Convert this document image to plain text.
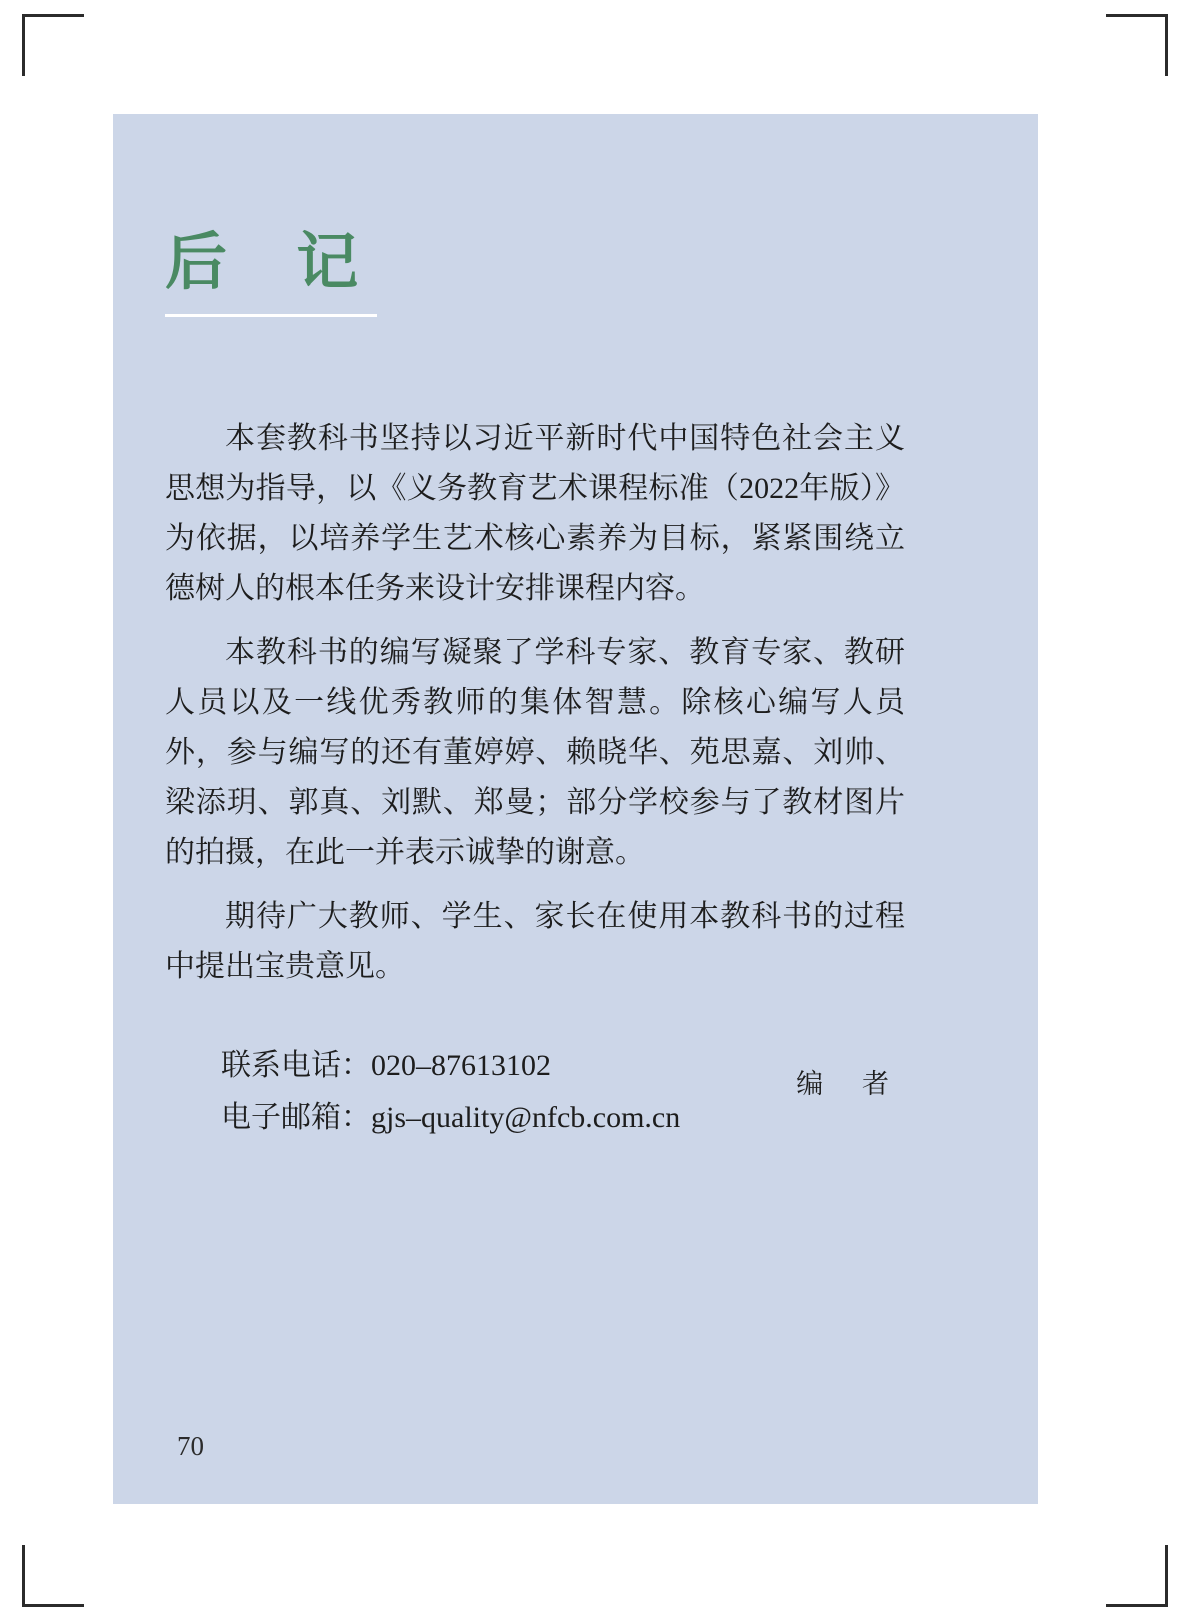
后 记

本套教科书坚持以习近平新时代中国特色社会主义思想为指导，以《义务教育艺术课程标准（2022年版）》为依据，以培养学生艺术核心素养为目标，紧紧围绕立德树人的根本任务来设计安排课程内容。

本教科书的编写凝聚了学科专家、教育专家、教研人员以及一线优秀教师的集体智慧。除核心编写人员外，参与编写的还有董婷婷、赖晓华、苑思嘉、刘帅、梁添玥、郭真、刘默、郑曼；部分学校参与了教材图片的拍摄，在此一并表示诚挚的谢意。

期待广大教师、学生、家长在使用本教科书的过程中提出宝贵意见。

联系电话：020–87613102
电子邮箱：gjs–quality@nfcb.com.cn
编 者
70
